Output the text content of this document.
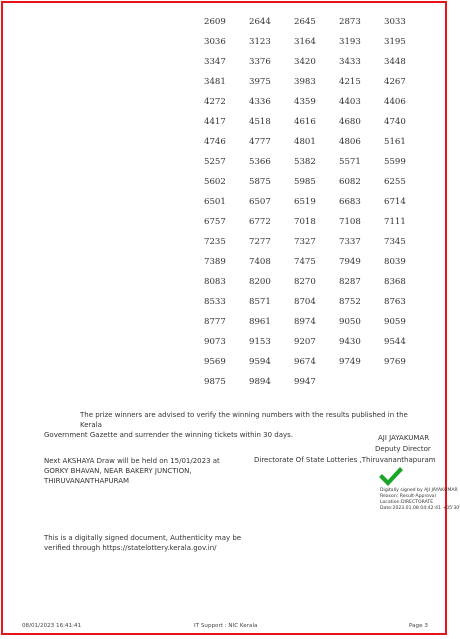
2609	2644	2645	2873	3033
3036	3123	3164	3193	3195
3347	3376	3420	3433	3448
3481	3975	3983	4215	4267
4272	4336	4359	4403	4406
4417	4518	4616	4680	4740
4746	4777	4801	4806	5161
5257	5366	5382	5571	5599
5602	5875	5985	6082	6255
6501	6507	6519	6683	6714
6757	6772	7018	7108	7111
7235	7277	7327	7337	7345
7389	7408	7475	7949	8039
8083	8200	8270	8287	8368
8533	8571	8704	8752	8763
8777	8961	8974	9050	9059
9073	9153	9207	9430	9544
9569	9594	9674	9749	9769
9875	9894	9947
The prize winners are advised to verify the winning numbers with the results published in the Kerala
Government Gazette and surrender the winning tickets within 30 days.	AJI JAYAKUMAR
Deputy Director
Directorate Of State Lotteries ,Thiruvananthapuram
Next AKSHAYA Draw will be held on 15/01/2023 at
GORKY BHAVAN, NEAR BAKERY JUNCTION,
THIRUVANANTHAPURAM
Digitally signed by AJI JAYAKUMAR
Reason: Result-Approval
Location:DIRECTORATE
Date:2023.01.08 04:42:41 +05'30'
This is a digitally signed document, Authenticity may be
verified through https://statelottery.kerala.gov.in/
08/01/2023 16:41:41	IT Support : NIC Kerala	Page 3
